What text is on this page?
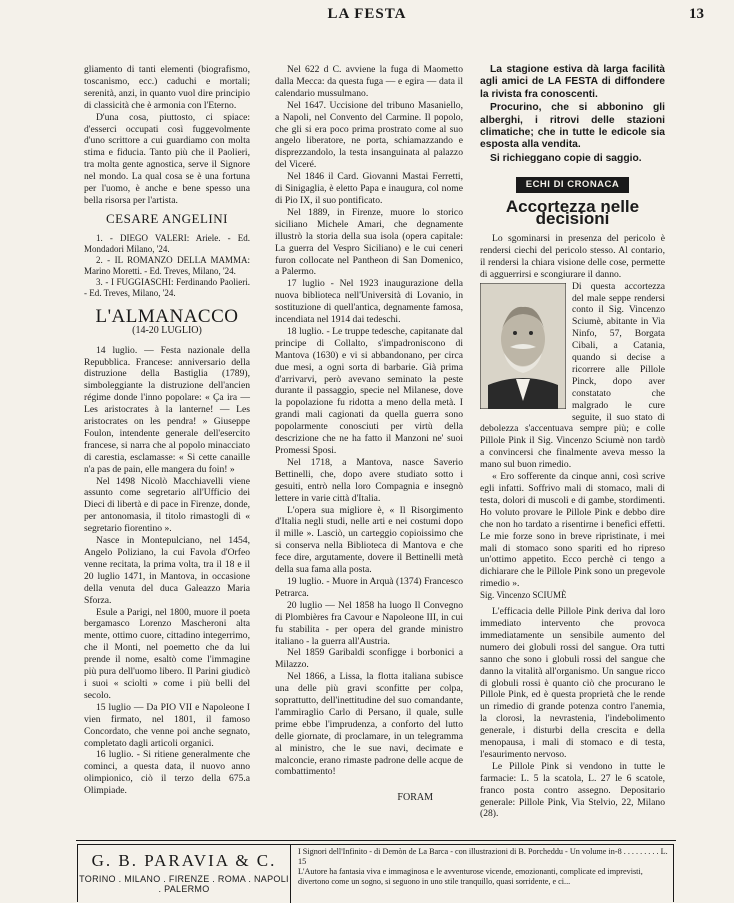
LA FESTA	13

gliamento di tanti elementi (biografismo, toscanismo, ecc.) caduchi e mortali; serenità, anzi, in quanto vuol dire principio di classicità che è armonia con l'Eterno.

D'una cosa, piuttosto, ci spiace: d'esserci occupati così fuggevolmente d'uno scrittore a cui guardiamo con molta stima e fiducia. Tanto più che il Paolieri, tra molta gente agnostica, serve il Signore nel mondo. La qual cosa se è una fortuna per l'uomo, è anche e bene spesso una bella risorsa per l'artista.

CESARE ANGELINI

1. - DIEGO VALERI: Ariele. - Ed. Mondadori Milano, '24.

2. - IL ROMANZO DELLA MAMMA: Marino Moretti. - Ed. Treves, Milano, '24.

3. - I FUGGIASCHI: Ferdinando Paolieri. - Ed. Treves, Milano, '24.

L'ALMANACCO
(14-20 LUGLIO)

14 luglio. — Festa nazionale della Repubblica. Francese: anniversario della distruzione della Bastiglia (1789), simboleggiante la distruzione dell'ancien régime donde l'inno popolare: « Ça ira — Les aristocrates à la lanterne! — Les aristocrates on les pendra! » Giuseppe Foulon, intendente generale dell'esercito francese, si narra che al popolo minacciato di carestia, esclamasse: « Si cette canaille n'a pas de pain, elle mangera du foin! »

Nel 1498 Nicolò Macchiavelli viene assunto come segretario all'Ufficio dei Dieci di libertà e di pace in Firenze, donde, per antonomasia, il titolo rimastogli di « segretario fiorentino ».

Nasce in Montepulciano, nel 1454, Angelo Poliziano, la cui Favola d'Orfeo venne recitata, la prima volta, tra il 18 e il 20 luglio 1471, in Mantova, in occasione della venuta del duca Galeazzo Maria Sforza.

Esule a Parigi, nel 1800, muore il poeta bergamasco Lorenzo Mascheroni alta mente, ottimo cuore, cittadino integerrimo, che il Monti, nel poemetto che da lui prende il nome, esaltò come l'immagine più pura dell'uomo libero. Il Parini giudicò i suoi « sciolti » come i più belli del secolo.

15 luglio — Da PIO VII e Napoleone I vien firmato, nel 1801, il famoso Concordato, che venne poi anche segnato, completato dagli articoli organici.

16 luglio. - Si ritiene generalmente che cominci, a questa data, il nuovo anno olimpionico, ciò il terzo della 675.a Olimpiade.

Nel 622 d C. avviene la fuga di Maometto dalla Mecca: da questa fuga — e egira — data il calendario mussulmano.

Nel 1647. Uccisione del tribuno Masaniello, a Napoli, nel Convento del Carmine. Il popolo, che gli si era poco prima prostrato come al suo angelo liberatore, ne porta, schiamazzando e disprezzandolo, la testa insanguinata al palazzo del Viceré.

Nel 1846 il Card. Giovanni Mastai Ferretti, di Sinigaglia, è eletto Papa e inaugura, col nome di Pio IX, il suo pontificato.

Nel 1889, in Firenze, muore lo storico siciliano Michele Amari, che degnamente illustrò la storia della sua isola (opera capitale: La guerra del Vespro Siciliano) e le cui ceneri furon collocate nel Pantheon di San Domenico, a Palermo.

17 luglio - Nel 1923 inaugurazione della nuova biblioteca nell'Università di Lovanio, in sostituzione di quell'antica, degnamente famosa, incendiata nel 1914 dai tedeschi.

18 luglio. - Le truppe tedesche, capitanate dal principe di Collalto, s'impadroniscono di Mantova (1630) e vi si abbandonano, per circa due mesi, a ogni sorta di barbarie. Già prima d'arrivarvi, però avevano seminato la peste durante il passaggio, specie nel Milanese, dove la popolazione fu ridotta a meno della metà. I grandi mali cagionati da quella guerra sono popolarmente conosciuti per virtù della descrizione che ne ha fatto il Manzoni ne' suoi Promessi Sposi.

Nel 1718, a Mantova, nasce Saverio Bettinelli, che, dopo avere studiato sotto i gesuiti, entrò nella loro Compagnia e insegnò lettere in varie città d'Italia.

L'opera sua migliore è, « Il Risorgimento d'Italia negli studi, nelle arti e nei costumi dopo il mille ». Lasciò, un carteggio copioissimo che si conserva nella Biblioteca di Mantova e che fece dire, argutamente, dovere il Bettinelli metà della sua fama alla posta.

19 luglio. - Muore in Arquà (1374) Francesco Petrarca.

20 luglio — Nel 1858 ha luogo Il Convegno di Plombières fra Cavour e Napoleone III, in cui fu stabilita - per opera del grande ministro italiano - la guerra all'Austria.

Nel 1859 Garibaldi sconfigge i borbonici a Milazzo.

Nel 1866, a Lissa, la flotta italiana subisce una delle più gravi sconfitte per colpa, soprattutto, dell'inettitudine del suo comandante, l'ammiraglio Carlo di Persano, il quale, sulle prime ebbe l'imprudenza, a conforto del lutto delle giornate, di proclamare, in un telegramma al ministro, che le sue navi, decimate e malconcie, erano rimaste padrone delle acque de combattimento!

FORAM

La stagione estiva dà larga facilità agli amici de LA FESTA di diffondere la rivista fra conoscenti.

Procurino, che si abbonino gli alberghi, i ritrovi delle stazioni climatiche; che in tutte le edicole sia esposta alla vendita.

Si richieggano copie di saggio.

ECHI DI CRONACA
Accortezza nelle decisioni

Lo sgominarsi in presenza del pericolo è rendersi ciechi del pericolo stesso. Al contario, il rendersi la chiara visione delle cose, permette di agguerrirsi e scongiurare il danno.

Di questa accortezza del male seppe rendersi conto il Sig. Vincenzo Sciumè, abitante in Via Ninfo, 57, Borgata Cibali, a Catania, quando si decise a ricorrere alle Pillole Pinck, dopo aver constatato che malgrado le cure seguite, il suo stato di debolezza s'accentuava sempre più; e colle Pillole Pink il Sig. Vincenzo Sciumè non tardò a convincersi che finalmente aveva messo la mano sul buon rimedio.

« Ero sofferente da cinque anni, così scrive egli infatti. Soffrivo mali di stomaco, mali di testa, dolori di muscoli e di gambe, stordimenti. Ho voluto provare le Pillole Pink e debbo dire che non ho tardato a risentirne i benefici effetti. Le mie forze sono in breve ripristinate, i mei mali di stomaco sono spariti ed ho ripreso un'ottimo appetito. Ecco perchè ci tengo a dichiarare che le Pillole Pink sono un pregevole rimedio ».

Sig. Vincenzo SCIUMÈ

L'efficacia delle Pillole Pink deriva dal loro immediato intervento che provoca immediatamente un sensibile aumento del numero dei globuli rossi del sangue. Ora tutti sanno che sono i globuli rossi del sangue che danno la vitalità all'organismo. Un sangue ricco di globuli rossi è quanto ciò che procurano le Pillole Pink, ed è questa proprietà che le rende un rimedio di grande potenza contro l'anemia, la clorosi, la nevrastenia, l'indebolimento generale, i disturbi della crescita e della menopausa, i mali di stomaco e di testa, l'esaurimento nervoso.

Le Pillole Pink si vendono in tutte le farmacie: L. 5 la scatola, L. 27 le 6 scatole, franco posta contro assegno. Depositario generale: Pillole Pink, Via Stelvio, 22, Milano (28).

G. B. PARAVIA & C.
TORINO . MILANO . FIRENZE . ROMA . NAPOLI . PALERMO
I Signori dell'Infinito - di Demòn de La Barca - con illustrazioni di B. Porcheddu - Un volume in-8 . . . . . . . . . L. 15
L'Autore ha fantasia viva e immaginosa e le avventurose vicende, emozionanti, complicate ed imprevisti, divertono come un sogno, si seguono in uno stile tranquillo, quasi sorridente, e ci...
